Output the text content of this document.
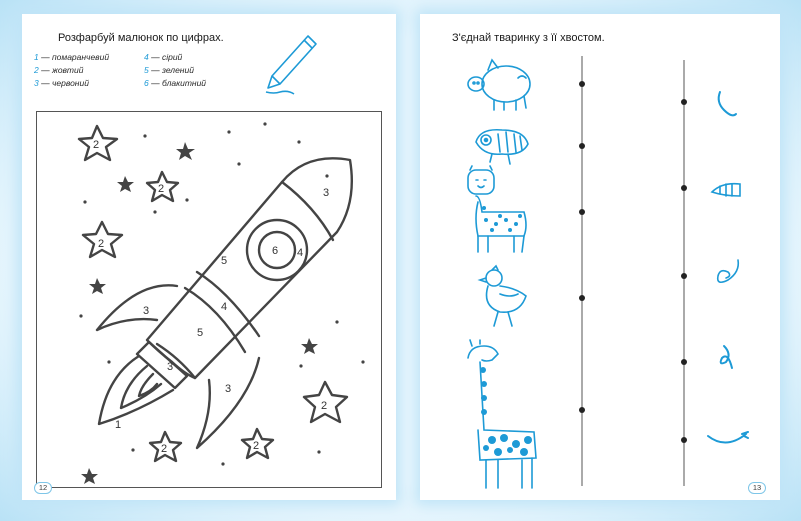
Розфарбуй малюнок по цифрах.
1 — помаранчевий
2 — жовтий
3 — червоний
4 — сірий
5 — зелений
6 — блакитний
2
2
2
2
2	2
3
5
6 4
4
5
3
3
3
1
12
З'єднай тваринку з її хвостом.
13
